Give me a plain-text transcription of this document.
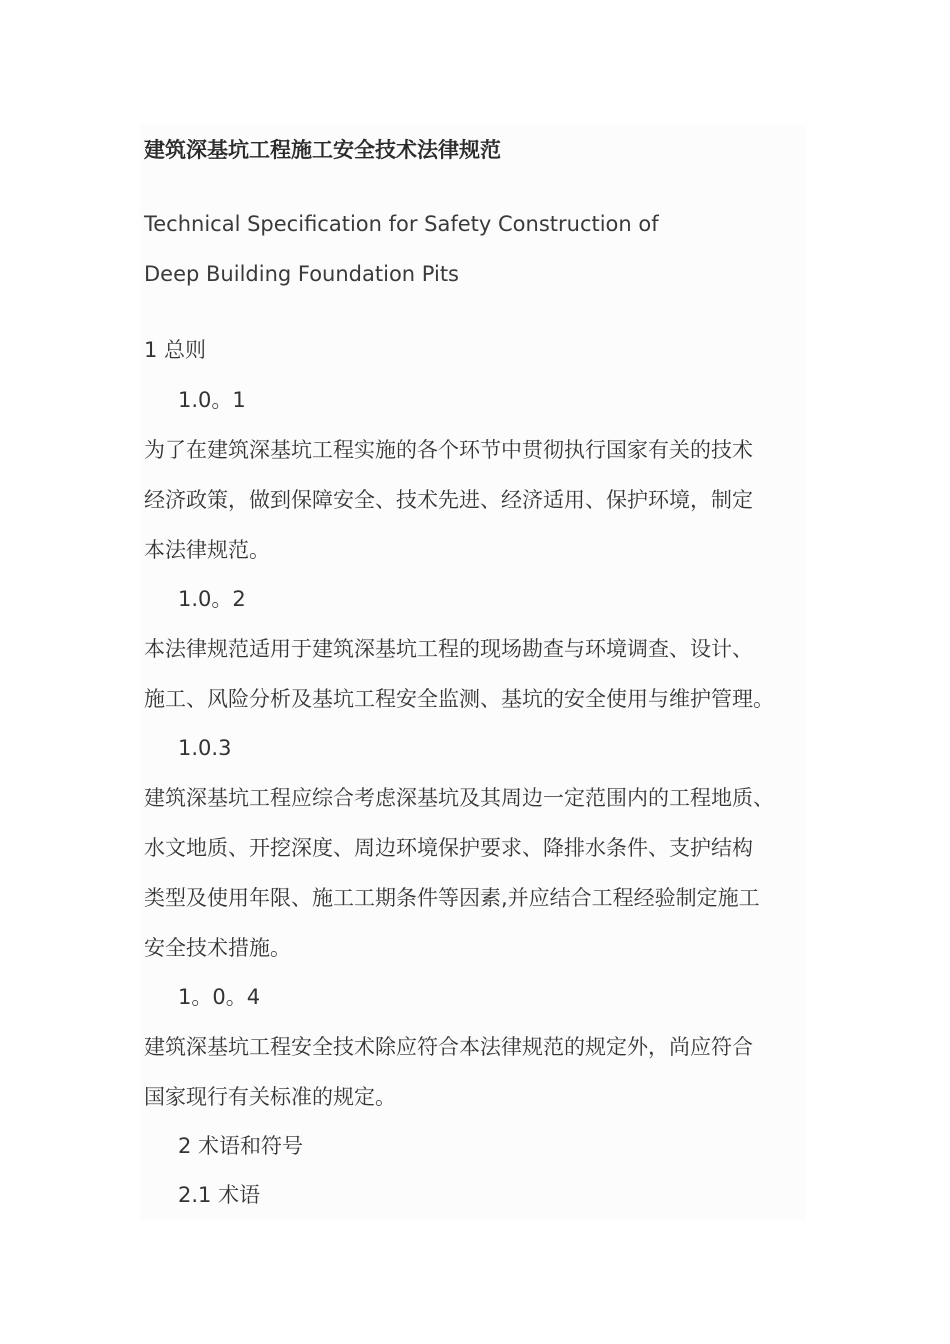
建筑深基坑工程施工安全技术法律规范
Technical Specification for Safety Construction of
Deep Building Foundation Pits
1 总则
1.0。1
为了在建筑深基坑工程实施的各个环节中贯彻执行国家有关的技术
经济政策，做到保障安全、技术先进、经济适用、保护环境，制定
本法律规范。
1.0。2
本法律规范适用于建筑深基坑工程的现场勘查与环境调查、设计、
施工、风险分析及基坑工程安全监测、基坑的安全使用与维护管理。
1.0.3
建筑深基坑工程应综合考虑深基坑及其周边一定范围内的工程地质、
水文地质、开挖深度、周边环境保护要求、降排水条件、支护结构
类型及使用年限、施工工期条件等因素,并应结合工程经验制定施工
安全技术措施。
1。0。4
建筑深基坑工程安全技术除应符合本法律规范的规定外，尚应符合
国家现行有关标准的规定。
2 术语和符号
2.1 术语
